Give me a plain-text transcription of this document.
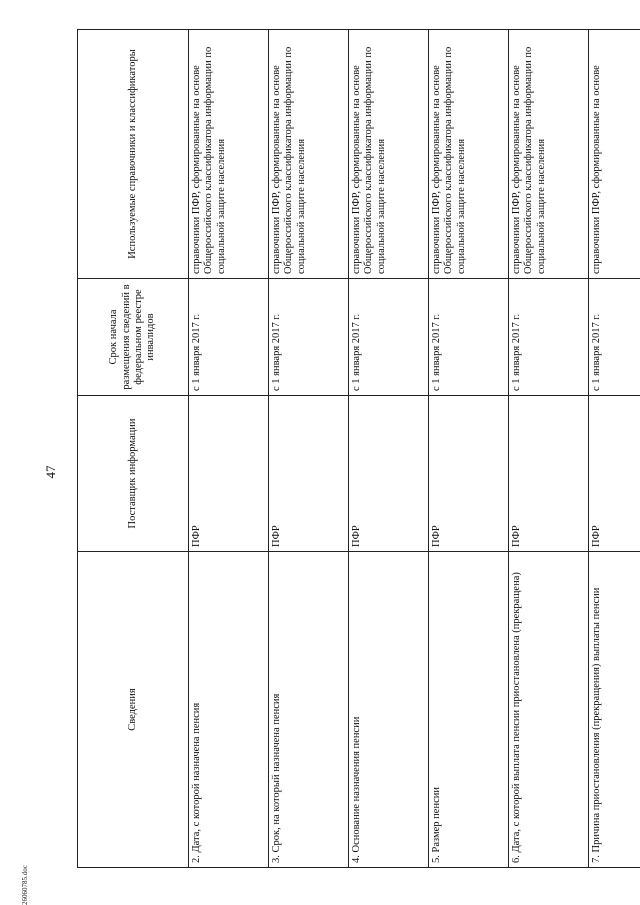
47
Сведения	Поставщик информации	Срок начала размещения сведений в федеральном реестре инвалидов	Используемые справочники и классификаторы
2. Дата, с которой назначена пенсия	ПФР	с 1 января 2017 г.	справочники ПФР, сформированные на основе Общероссийского классификатора информации по социальной защите населения
3. Срок, на который назначена пенсия	ПФР	с 1 января 2017 г.	справочники ПФР, сформированные на основе Общероссийского классификатора информации по социальной защите населения
4. Основание назначения пенсии	ПФР	с 1 января 2017 г.	справочники ПФР, сформированные на основе Общероссийского классификатора информации по социальной защите населения
5. Размер пенсии	ПФР	с 1 января 2017 г.	справочники ПФР, сформированные на основе Общероссийского классификатора информации по социальной защите населения
6. Дата, с которой выплата пенсии приостановлена (прекращена)	ПФР	с 1 января 2017 г.	справочники ПФР, сформированные на основе Общероссийского классификатора информации по социальной защите населения
7. Причина приостановления (прекращения) выплаты пенсии	ПФР	с 1 января 2017 г.	справочники ПФР, сформированные на основе
26060785.doc
